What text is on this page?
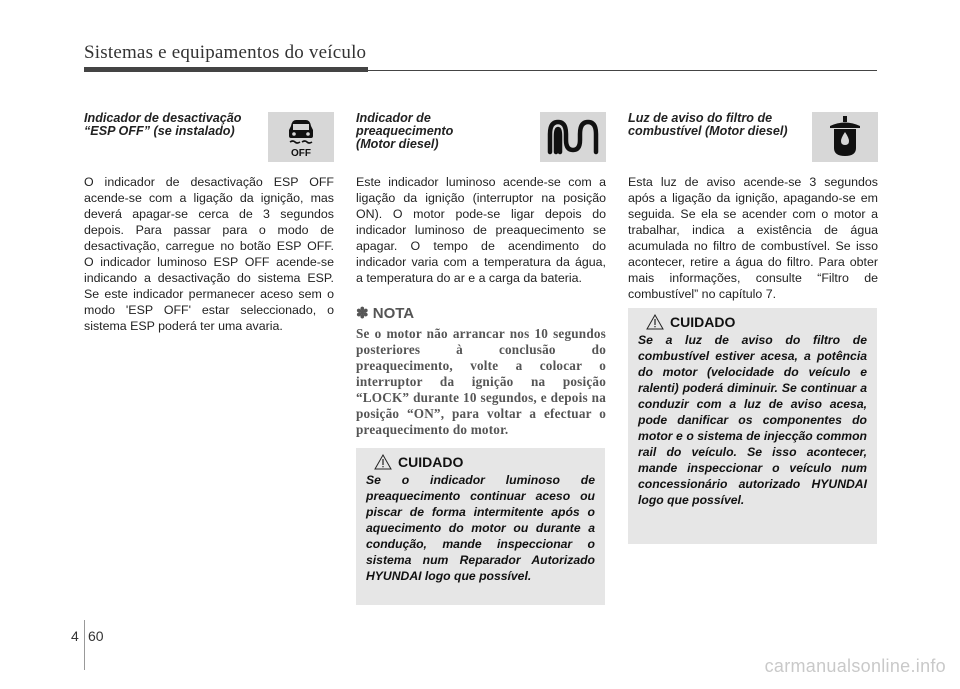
Sistemas e equipamentos do veículo
Indicador de desactivação
“ESP OFF” (se instalado)
OFF
O indicador de desactivação ESP OFF acende-se com a ligação da ignição, mas deverá apagar-se cerca de 3 segundos depois. Para passar para o modo de desactivação, carregue no botão ESP OFF. O indicador luminoso ESP OFF acende-se indicando a desactivação do sistema ESP. Se este indicador permanecer aceso sem o modo 'ESP OFF' estar seleccionado, o sistema ESP poderá ter uma avaria.
Indicador de
preaquecimento
(Motor diesel)
Este indicador luminoso acende-se com a ligação da ignição (interruptor na posição ON). O motor pode-se ligar depois do indicador luminoso de preaquecimento se apagar. O tempo de acendimento do indicador varia com a temperatura da água, a temperatura do ar e a carga da bateria.
✽ NOTA
Se o motor não arrancar nos 10 segundos posteriores à conclusão do preaquecimento, volte a colocar o interruptor da ignição na posição “LOCK” durante 10 segundos, e depois na posição “ON”, para voltar a efectuar o preaquecimento do motor.
CUIDADO
Se o indicador luminoso de preaquecimento continuar aceso ou piscar de forma intermitente após o aquecimento do motor ou durante a condução, mande inspeccionar o sistema num Reparador Autorizado HYUNDAI logo que possível.
Luz de aviso do filtro de
combustível (Motor diesel)
Esta luz de aviso acende-se 3 segundos após a ligação da ignição, apagando-se em seguida. Se ela se acender com o motor a trabalhar, indica a existência de água acumulada no filtro de combustível. Se isso acontecer, retire a água do filtro. Para obter mais informações, consulte “Filtro de combustível” no capítulo 7.
CUIDADO
Se a luz de aviso do filtro de combustível estiver acesa, a potência do motor (velocidade do veículo e ralenti) poderá diminuir. Se continuar a conduzir com a luz de aviso acesa, pode danificar os componentes do motor e o sistema de injecção common rail do veículo. Se isso acontecer, mande inspeccionar o veículo num concessionário autorizado HYUNDAI logo que possível.
4 60
carmanualsonline.info
